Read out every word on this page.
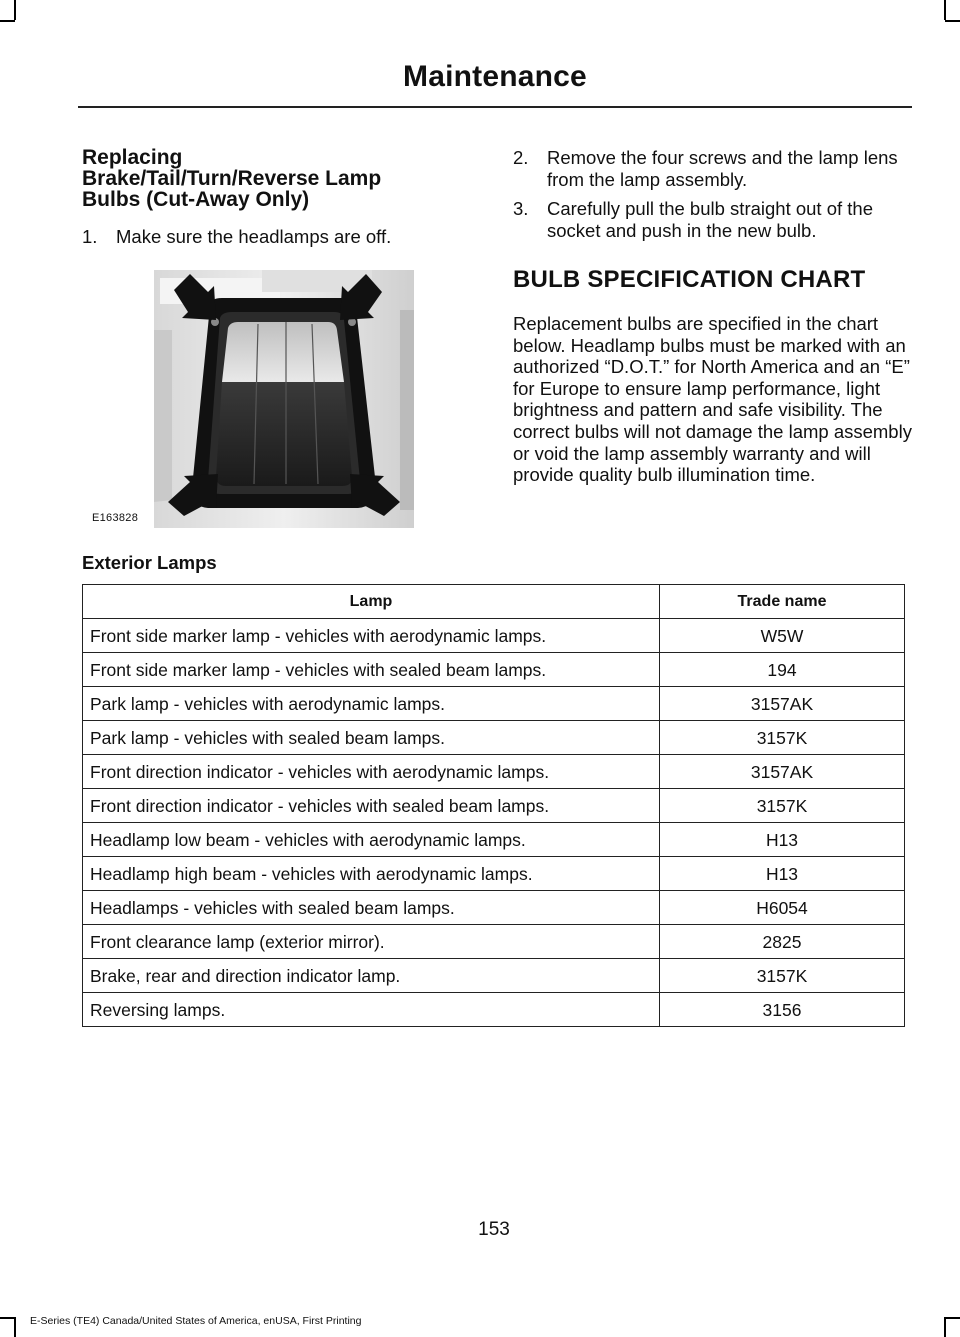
Maintenance
Replacing
Brake/Tail/Turn/Reverse Lamp
Bulbs (Cut-Away Only)
1.	Make sure the headlamps are off.
E163828
2.	Remove the four screws and the lamp lens from the lamp assembly.
3.	Carefully pull the bulb straight out of the socket and push in the new bulb.
BULB SPECIFICATION CHART

Replacement bulbs are specified in the chart below. Headlamp bulbs must be marked with an authorized “D.O.T.” for North America and an “E” for Europe to ensure lamp performance, light brightness and pattern and safe visibility. The correct bulbs will not damage the lamp assembly or void the lamp assembly warranty and will provide quality bulb illumination time.

Exterior Lamps
Lamp	Trade name
Front side marker lamp - vehicles with aerodynamic lamps.	W5W
Front side marker lamp - vehicles with sealed beam lamps.	194
Park lamp - vehicles with aerodynamic lamps.	3157AK
Park lamp - vehicles with sealed beam lamps.	3157K
Front direction indicator - vehicles with aerodynamic lamps.	3157AK
Front direction indicator - vehicles with sealed beam lamps.	3157K
Headlamp low beam - vehicles with aerodynamic lamps.	H13
Headlamp high beam - vehicles with aerodynamic lamps.	H13
Headlamps - vehicles with sealed beam lamps.	H6054
Front clearance lamp (exterior mirror).	2825
Brake, rear and direction indicator lamp.	3157K
Reversing lamps.	3156
153
E-Series (TE4) Canada/United States of America, enUSA, First Printing
